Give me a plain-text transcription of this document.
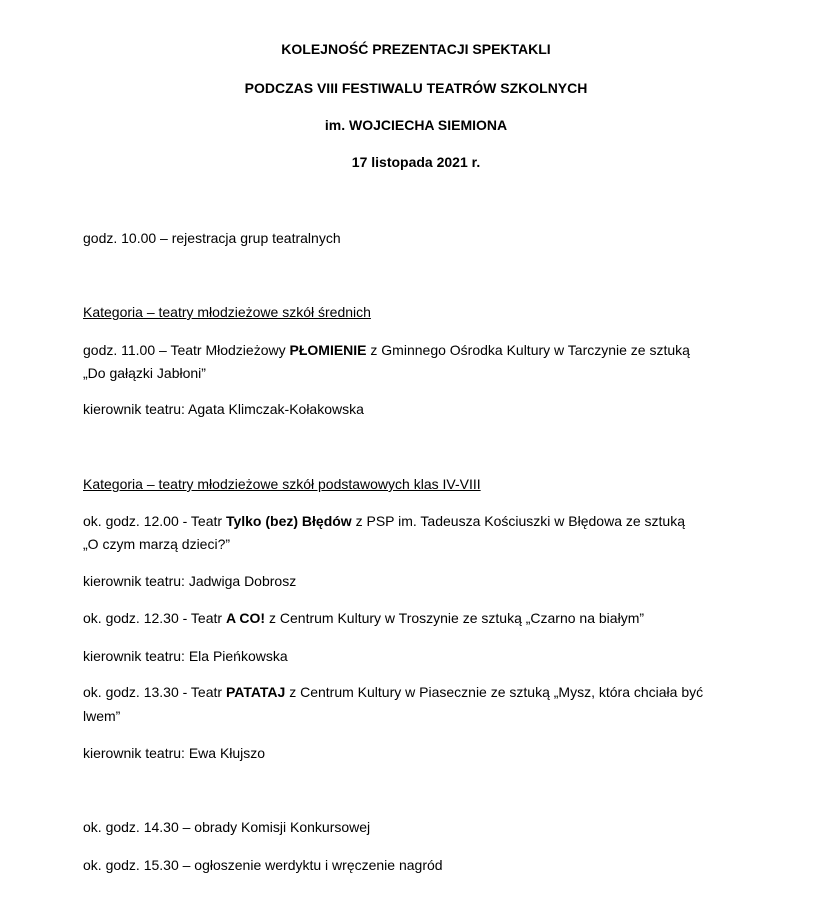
KOLEJNOŚĆ PREZENTACJI SPEKTAKLI
PODCZAS VIII FESTIWALU TEATRÓW SZKOLNYCH
im. WOJCIECHA SIEMIONA
17 listopada 2021 r.
godz. 10.00 – rejestracja grup teatralnych
Kategoria – teatry młodzieżowe szkół średnich
godz. 11.00 – Teatr Młodzieżowy PŁOMIENIE z Gminnego Ośrodka Kultury w Tarczynie ze sztuką
„Do gałązki Jabłoni”
kierownik teatru: Agata Klimczak-Kołakowska
Kategoria – teatry młodzieżowe szkół podstawowych klas IV-VIII
ok. godz. 12.00 - Teatr Tylko (bez) Błędów z PSP im. Tadeusza Kościuszki w Błędowa ze sztuką
„O czym marzą dzieci?”
kierownik teatru: Jadwiga Dobrosz
ok. godz. 12.30 - Teatr A CO! z Centrum Kultury w Troszynie ze sztuką „Czarno na białym”
kierownik teatru: Ela Pieńkowska
ok. godz. 13.30 - Teatr PATATAJ z Centrum Kultury w Piasecznie ze sztuką „Mysz, która chciała być
lwem”
kierownik teatru: Ewa Kłujszo
ok. godz. 14.30 – obrady Komisji Konkursowej
ok. godz. 15.30 – ogłoszenie werdyktu i wręczenie nagród
